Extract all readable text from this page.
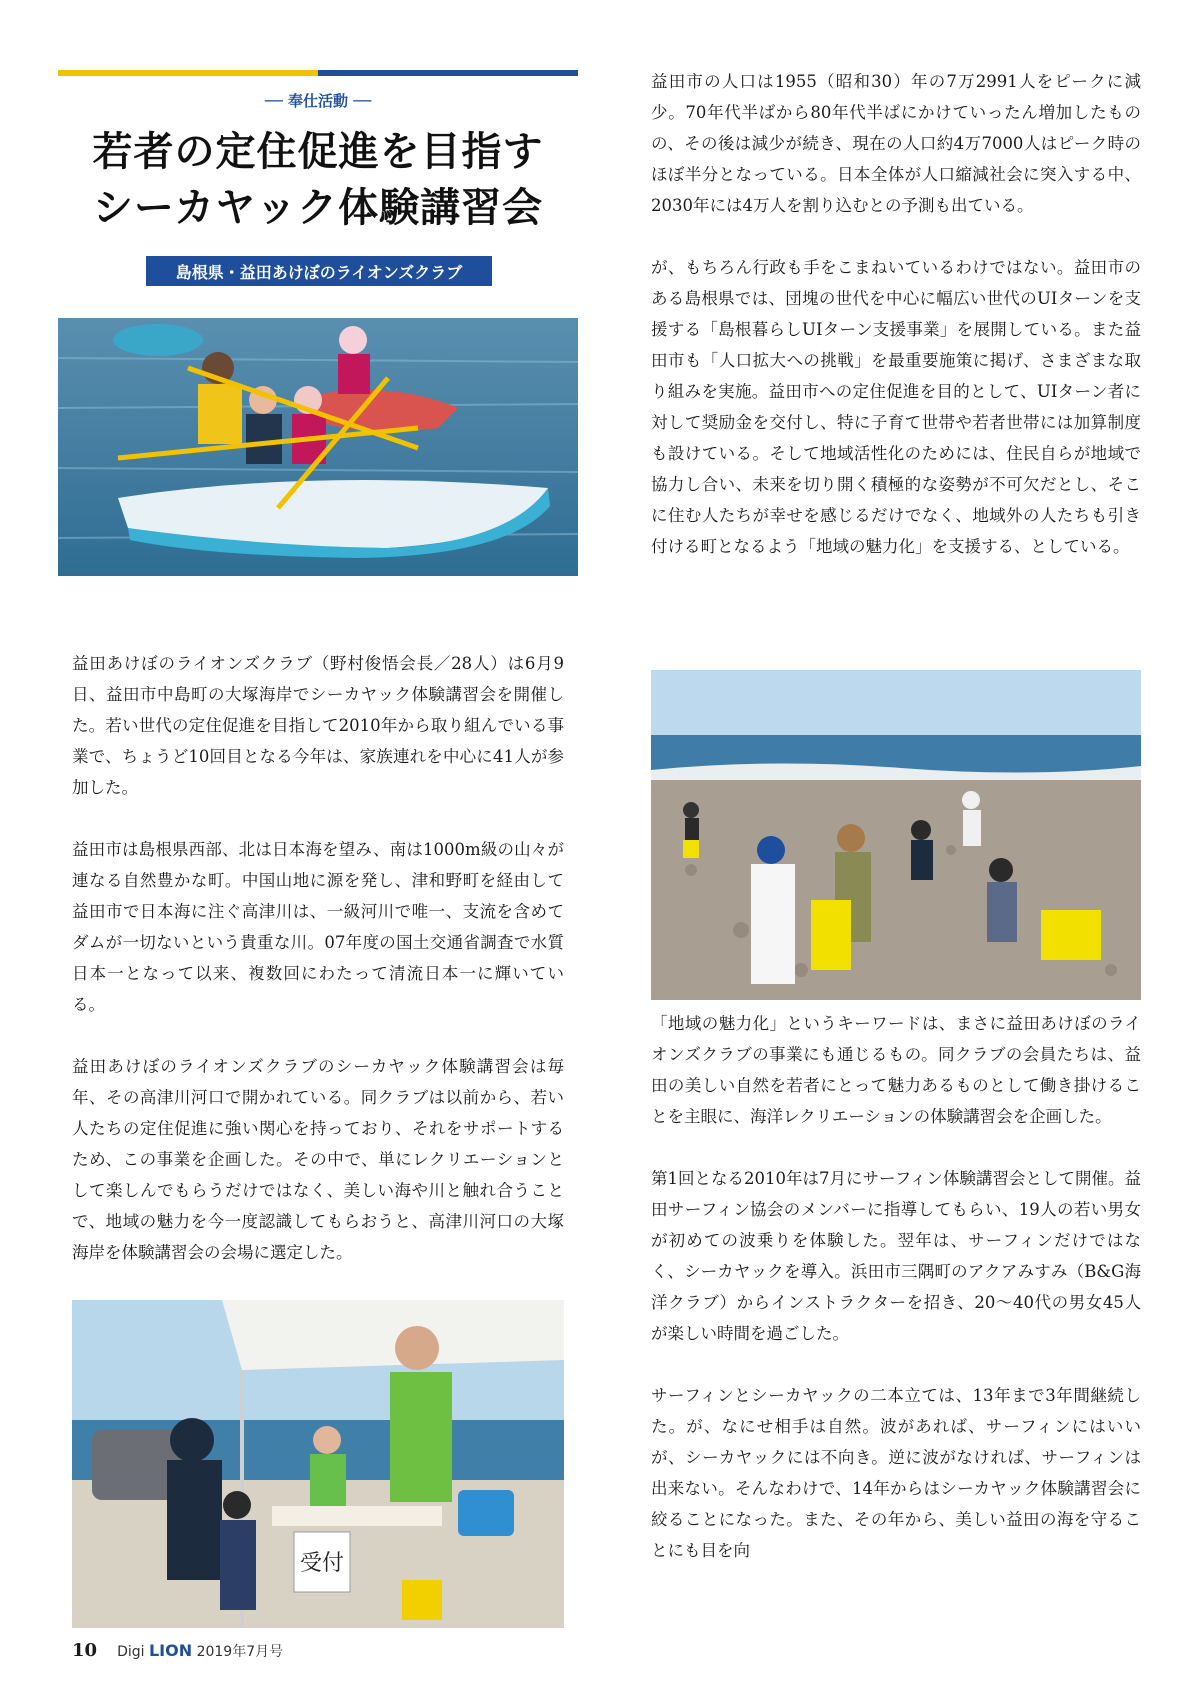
── 奉仕活動 ──
若者の定住促進を目指す
シーカヤック体験講習会
島根県・益田あけぼのライオンズクラブ

益田あけぼのライオンズクラブ（野村俊悟会長／28人）は6月9日、益田市中島町の大塚海岸でシーカヤック体験講習会を開催した。若い世代の定住促進を目指して2010年から取り組んでいる事業で、ちょうど10回目となる今年は、家族連れを中心に41人が参加した。

益田市は島根県西部、北は日本海を望み、南は1000m級の山々が連なる自然豊かな町。中国山地に源を発し、津和野町を経由して益田市で日本海に注ぐ高津川は、一級河川で唯一、支流を含めてダムが一切ないという貴重な川。07年度の国土交通省調査で水質日本一となって以来、複数回にわたって清流日本一に輝いている。

益田あけぼのライオンズクラブのシーカヤック体験講習会は毎年、その高津川河口で開かれている。同クラブは以前から、若い人たちの定住促進に強い関心を持っており、それをサポートするため、この事業を企画した。その中で、単にレクリエーションとして楽しんでもらうだけではなく、美しい海や川と触れ合うことで、地域の魅力を今一度認識してもらおうと、高津川河口の大塚海岸を体験講習会の会場に選定した。

受付

益田市の人口は1955（昭和30）年の7万2991人をピークに減少。70年代半ばから80年代半ばにかけていったん増加したものの、その後は減少が続き、現在の人口約4万7000人はピーク時のほぼ半分となっている。日本全体が人口縮減社会に突入する中、2030年には4万人を割り込むとの予測も出ている。

が、もちろん行政も手をこまねいているわけではない。益田市のある島根県では、団塊の世代を中心に幅広い世代のUIターンを支援する「島根暮らしUIターン支援事業」を展開している。また益田市も「人口拡大への挑戦」を最重要施策に掲げ、さまざまな取り組みを実施。益田市への定住促進を目的として、UIターン者に対して奨励金を交付し、特に子育て世帯や若者世帯には加算制度も設けている。そして地域活性化のためには、住民自らが地域で協力し合い、未来を切り開く積極的な姿勢が不可欠だとし、そこに住む人たちが幸せを感じるだけでなく、地域外の人たちも引き付ける町となるよう「地域の魅力化」を支援する、としている。

「地域の魅力化」というキーワードは、まさに益田あけぼのライオンズクラブの事業にも通じるもの。同クラブの会員たちは、益田の美しい自然を若者にとって魅力あるものとして働き掛けることを主眼に、海洋レクリエーションの体験講習会を企画した。

第1回となる2010年は7月にサーフィン体験講習会として開催。益田サーフィン協会のメンバーに指導してもらい、19人の若い男女が初めての波乗りを体験した。翌年は、サーフィンだけではなく、シーカヤックを導入。浜田市三隅町のアクアみすみ（B&G海洋クラブ）からインストラクターを招き、20～40代の男女45人が楽しい時間を過ごした。

サーフィンとシーカヤックの二本立ては、13年まで3年間継続した。が、なにせ相手は自然。波があれば、サーフィンにはいいが、シーカヤックには不向き。逆に波がなければ、サーフィンは出来ない。そんなわけで、14年からはシーカヤック体験講習会に絞ることになった。また、その年から、美しい益田の海を守ることにも目を向

10 Digi LION 2019年7月号
